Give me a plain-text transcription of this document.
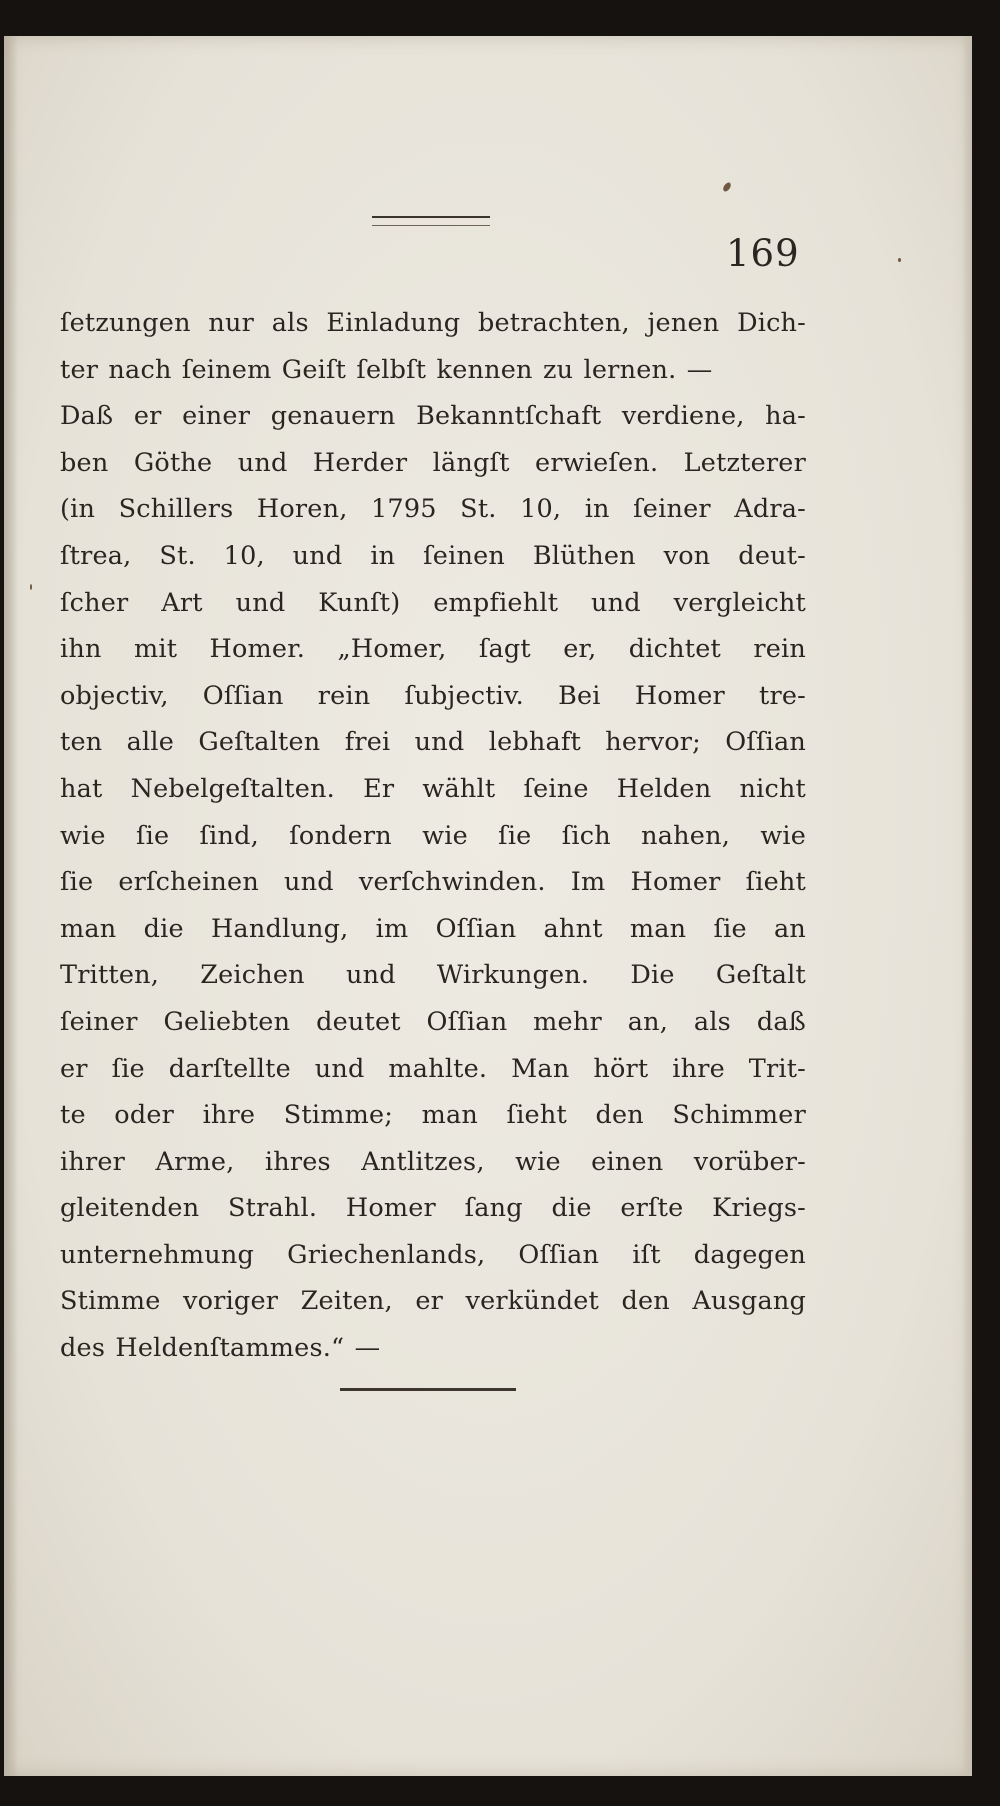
169
ſetzungen nur als Einladung betrachten, jenen Dich-
ter nach ſeinem Geiſt ſelbſt kennen zu lernen. —
Daß er einer genauern Bekanntſchaft verdiene, ha-
ben Göthe und Herder längſt erwieſen. Letzterer
(in Schillers Horen, 1795 St. 10, in ſeiner Adra-
ſtrea, St. 10, und in ſeinen Blüthen von deut-
ſcher Art und Kunſt) empfiehlt und vergleicht
ihn mit Homer. „Homer, ſagt er, dichtet rein
objectiv, Oſſian rein ſubjectiv. Bei Homer tre-
ten alle Geſtalten frei und lebhaft hervor; Oſſian
hat Nebelgeſtalten. Er wählt ſeine Helden nicht
wie ſie ſind, ſondern wie ſie ſich nahen, wie
ſie erſcheinen und verſchwinden. Im Homer ſieht
man die Handlung, im Oſſian ahnt man ſie an
Tritten, Zeichen und Wirkungen. Die Geſtalt
ſeiner Geliebten deutet Oſſian mehr an, als daß
er ſie darſtellte und mahlte. Man hört ihre Trit-
te oder ihre Stimme; man ſieht den Schimmer
ihrer Arme, ihres Antlitzes, wie einen vorüber-
gleitenden Strahl. Homer ſang die erſte Kriegs-
unternehmung Griechenlands, Oſſian iſt dagegen
Stimme voriger Zeiten, er verkündet den Ausgang
des Heldenſtammes.“ —
